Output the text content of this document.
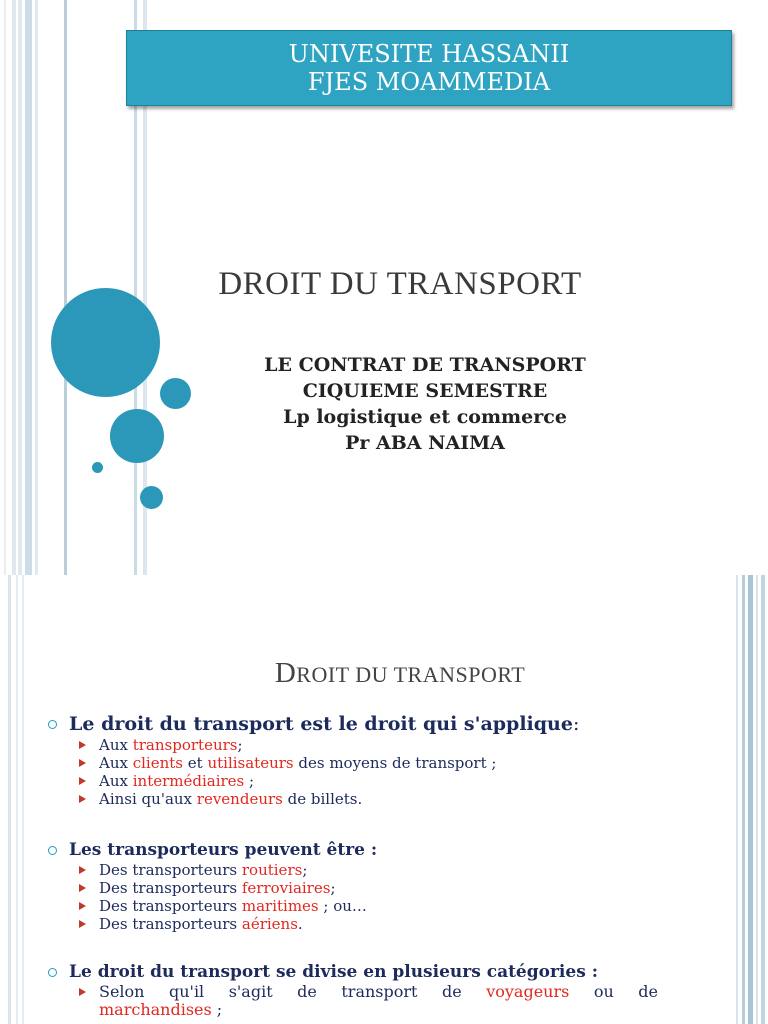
UNIVESITE HASSANII
FJES MOAMMEDIA
DROIT DU TRANSPORT
LE CONTRAT DE TRANSPORT
CIQUIEME SEMESTRE
Lp logistique et commerce
Pr ABA NAIMA
DROIT DU TRANSPORT
Le droit du transport est le droit qui s'applique:
Aux transporteurs;
Aux clients et utilisateurs des moyens de transport ;
Aux intermédiaires ;
Ainsi qu'aux revendeurs de billets.
Les transporteurs peuvent être :
Des transporteurs routiers;
Des transporteurs ferroviaires;
Des transporteurs maritimes ; ou…
Des transporteurs aériens.
Le droit du transport se divise en plusieurs catégories :
Selon qu'il s'agit de transport de voyageurs ou de
marchandises ;
